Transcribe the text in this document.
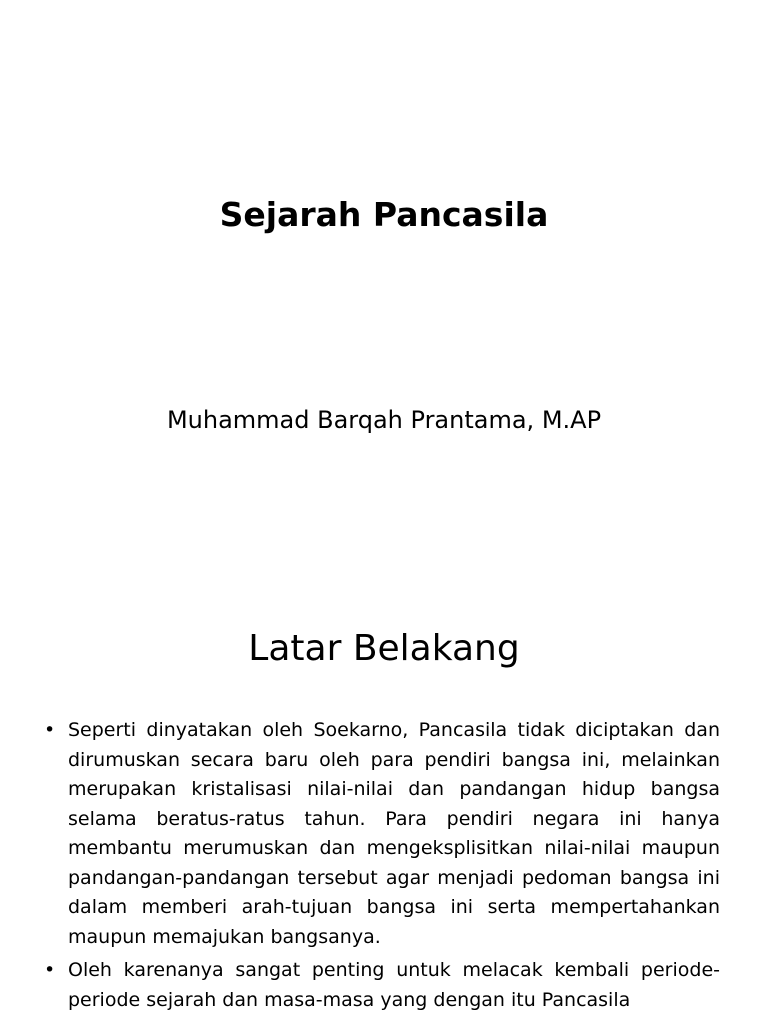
Sejarah Pancasila
Muhammad Barqah Prantama, M.AP
Latar Belakang
• Seperti dinyatakan oleh Soekarno, Pancasila tidak diciptakan dan dirumuskan secara baru oleh para pendiri bangsa ini, melainkan merupakan kristalisasi nilai-nilai dan pandangan hidup bangsa selama beratus-ratus tahun. Para pendiri negara ini hanya membantu merumuskan dan mengeksplisitkan nilai-nilai maupun pandangan-pandangan tersebut agar menjadi pedoman bangsa ini dalam memberi arah-tujuan bangsa ini serta mempertahankan maupun memajukan bangsanya.
• Oleh karenanya sangat penting untuk melacak kembali periode-periode sejarah dan masa-masa yang dengan itu Pancasila
